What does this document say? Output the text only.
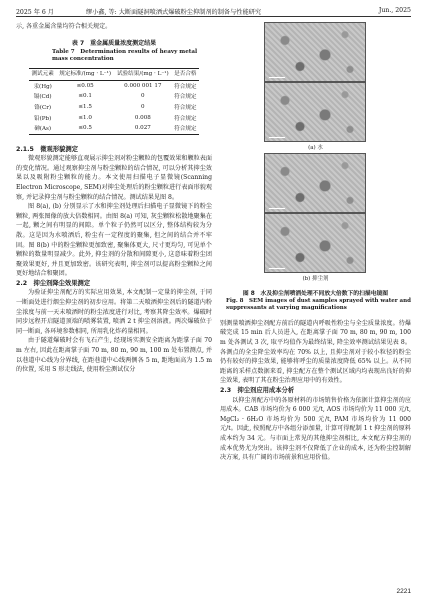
2025 年 6 月	缪小鑫, 等: 大断面隧洞喷洒式爆破粉尘抑制剂的制备与性能研究	Jun., 2025

示, 各重金属含量均符合相关规定。

表 7　重金属质量浓度测定结果
Table 7　Determination results of heavy metal mass concentration
测试元素	规定标准/(mg · L⁻¹)	试验结果/(mg · L⁻¹)	是否合格
汞(Hg)	≤0.05	0.000 001 17	符合规定
镉(Cd)	≤0.1	0	符合规定
铬(Cr)	≤1.5	0	符合规定
铅(Pb)	≤1.0	0.008	符合规定
砷(As)	≤0.5	0.027	符合规定
2.1.5　微观形貌测定

微观形貌测定能够直观展示抑尘剂对粉尘颗粒的包覆效果和颗粒表面的变化情况。通过观察抑尘剂与粉尘颗粒的结合情况, 可以分析其抑尘效果以及吸附粉尘颗粒的能力。本文使用扫描电子显微镜(Scanning Electron Microscope, SEM)对抑尘处理后的粉尘颗粒进行表面形貌观察, 并记录抑尘剂与粉尘颗粒的结合情况。测试结果见图 8。

图 8(a), (b) 分别显示了水和抑尘剂处理后扫描电子显微镜下的粉尘颗粒, 两张图像的放大倍数相同。由图 8(a) 可知, 灰尘颗粒松散地聚集在一起, 颗之间有明显的间隙。单个粒子仍然可以区分, 整体结构较为分散。这是因为水喷洒后, 粉尘有一定程度的聚集, 但之间的结合并不牢固。图 8(b) 中的粉尘颗粒更加致密, 聚集体更大, 尺寸更均匀, 可见单个颗粒的数量明显减少。此外, 抑尘剂的分散和间隙更小, 这意味着粉尘团聚效果更好, 并且更加致密。该研究表明, 抑尘剂可以提高粉尘颗粒之间更好地结合和聚团。

2.2　抑尘剂降尘效果测定

为验证抑尘剂配方的实际应用效果, 本文配制一定量的抑尘剂, 于同一断面处进行烟尘抑尘剂的初步应用。将第二天喷洒抑尘剂后的隧道内粉尘浓度与前一天未喷洒时的粉尘浓度进行对比, 考察其降尘效率。爆破时同步远程开启隧道顶端的喷雾装置, 喷洒 2 t 抑尘剂溶液。两次爆破位于同一断面, 各环境参数相同, 所用乳化炸药量相同。

由于隧道爆破时会有飞石产生, 经现场实测安全距离为距掌子面 70 m 左右, 因此在距离掌子面 70 m, 80 m, 90 m, 100 m 处布置测点, 并以巷道中心线为分界线, 在距巷道中心线两侧各 5 m, 距地面高为 1.5 m 的位置, 采用 S 形走线法, 使用粉尘测试仪分

(a) 水
(b) 抑尘剂
图 8　水及抑尘剂喷洒处理不同放大倍数下的扫描电镜图
Fig. 8　SEM images of dust samples sprayed with water and suppressants at varying magnifications

别测量喷洒抑尘剂配方前后的隧道内呼吸性粉尘与全尘质量浓度。待爆破完成 15 min 后人员进入, 在距离掌子面 70 m, 80 m, 90 m, 100 m 处各测试 3 次, 取平均值作为最终结果, 降尘效率测试结果见表 8。各测点的全尘降尘效率均在 70% 以上, 且抑尘剂对于较小粒径的粉尘仍有较好的抑尘效果, 能够将呼尘的质量浓度降低 65% 以上。从不同距离的采样点数据来看, 抑尘配方在整个测试区域内均表现出良好的抑尘效果, 表明了其在粉尘治理应用中的有效性。

2.3　抑尘剂应用成本分析

以抑尘剂配方中的各原材料的市场销售价格为依据计算抑尘剂的应用成本。CAB 市场均价为 6 000 元/t, AOS 市场均价为 11 000 元/t, MgCl₂ · 6H₂O 市场均价为 500 元/t, PAM 市场均价为 11 000 元/t。因此, 按照配方中各组分添加量, 计算可得配制 1 t 抑尘剂的原料成本约为 34 元。与市面上常见的其他抑尘剂相比, 本文配方抑尘剂的成本优势尤为突出。该抑尘剂不仅降低了企业的成本, 还为粉尘控制解决方案, 具有广阔的市场前景和应用价值。

2221
